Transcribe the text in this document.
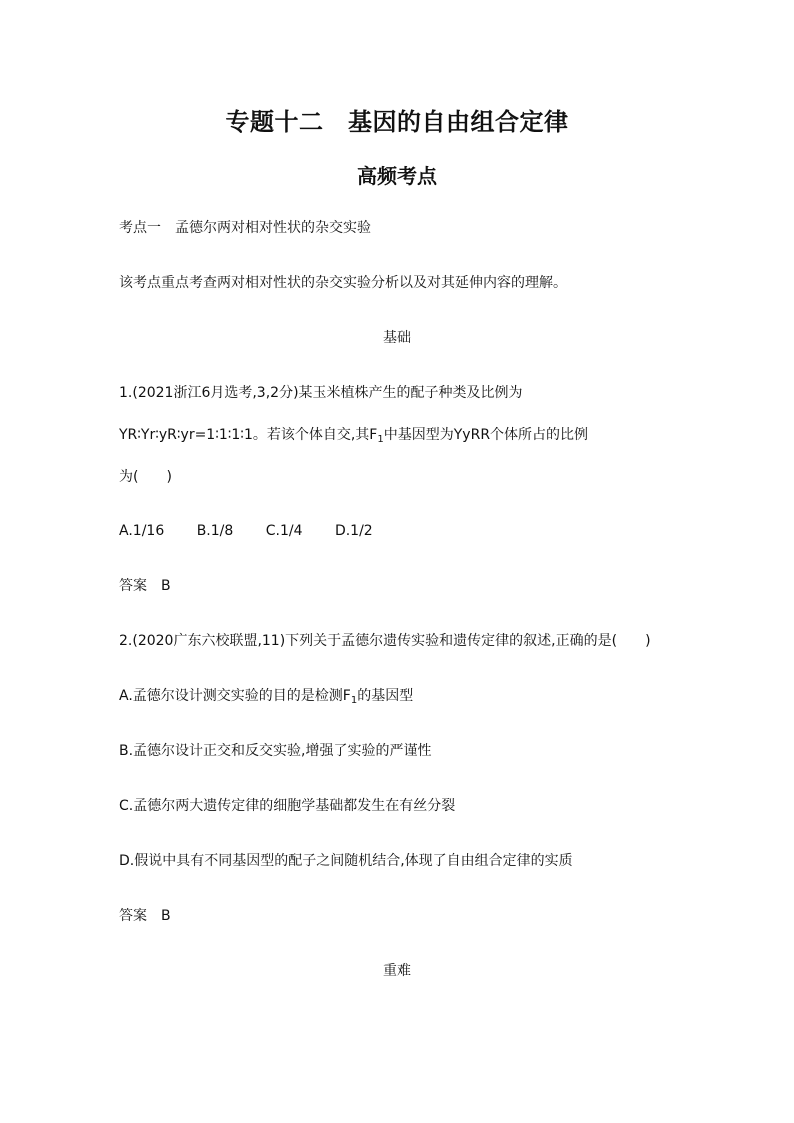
专题十二　基因的自由组合定律
高频考点
考点一　孟德尔两对相对性状的杂交实验
该考点重点考查两对相对性状的杂交实验分析以及对其延伸内容的理解。
基础
1.(2021浙江6月选考,3,2分)某玉米植株产生的配子种类及比例为
YR∶Yr∶yR∶yr=1∶1∶1∶1。若该个体自交,其$F_1$中基因型为YyRR个体所占的比例
为(　　)
A.1/16 B.1/8 C.1/4 D.1/2
答案 B
2.(2020广东六校联盟,11)下列关于孟德尔遗传实验和遗传定律的叙述,正确的是(　　)
A.孟德尔设计测交实验的目的是检测$F_1$的基因型
B.孟德尔设计正交和反交实验,增强了实验的严谨性
C.孟德尔两大遗传定律的细胞学基础都发生在有丝分裂
D.假说中具有不同基因型的配子之间随机结合,体现了自由组合定律的实质
答案 B
重难
